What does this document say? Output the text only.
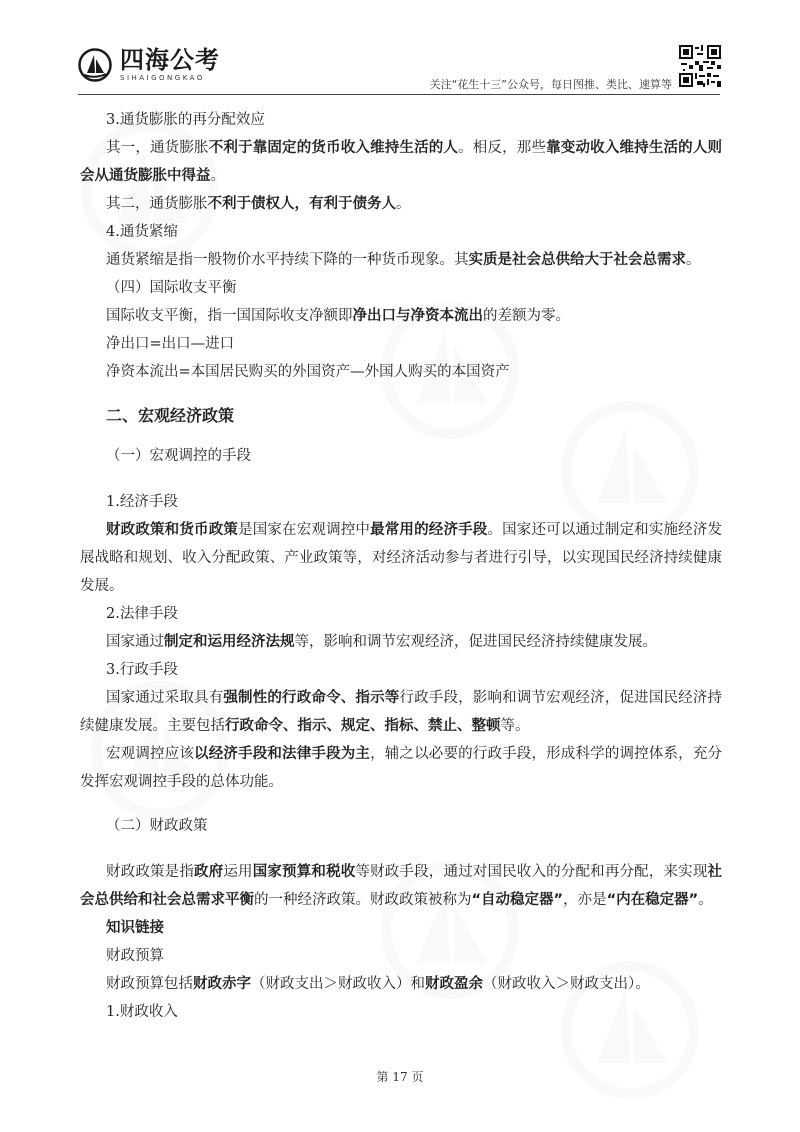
四海公考
SIHAIGONGKAO	关注“花生十三”公众号，每日图推、类比、速算等

3.通货膨胀的再分配效应

其一，通货膨胀不利于靠固定的货币收入维持生活的人。相反，那些靠变动收入维持生活的人则会从通货膨胀中得益。

其二，通货膨胀不利于债权人，有利于债务人。

4.通货紧缩

通货紧缩是指一般物价水平持续下降的一种货币现象。其实质是社会总供给大于社会总需求。

（四）国际收支平衡

国际收支平衡，指一国国际收支净额即净出口与净资本流出的差额为零。

净出口=出口—进口

净资本流出=本国居民购买的外国资产—外国人购买的本国资产

二、宏观经济政策

（一）宏观调控的手段

1.经济手段

财政政策和货币政策是国家在宏观调控中最常用的经济手段。国家还可以通过制定和实施经济发展战略和规划、收入分配政策、产业政策等，对经济活动参与者进行引导，以实现国民经济持续健康发展。

2.法律手段

国家通过制定和运用经济法规等，影响和调节宏观经济，促进国民经济持续健康发展。

3.行政手段

国家通过采取具有强制性的行政命令、指示等行政手段，影响和调节宏观经济，促进国民经济持续健康发展。主要包括行政命令、指示、规定、指标、禁止、整顿等。

宏观调控应该以经济手段和法律手段为主，辅之以必要的行政手段，形成科学的调控体系，充分发挥宏观调控手段的总体功能。

（二）财政政策

财政政策是指政府运用国家预算和税收等财政手段，通过对国民收入的分配和再分配，来实现社会总供给和社会总需求平衡的一种经济政策。财政政策被称为“自动稳定器”，亦是“内在稳定器”。

知识链接

财政预算

财政预算包括财政赤字（财政支出＞财政收入）和财政盈余（财政收入＞财政支出）。

1.财政收入

第 17 页
